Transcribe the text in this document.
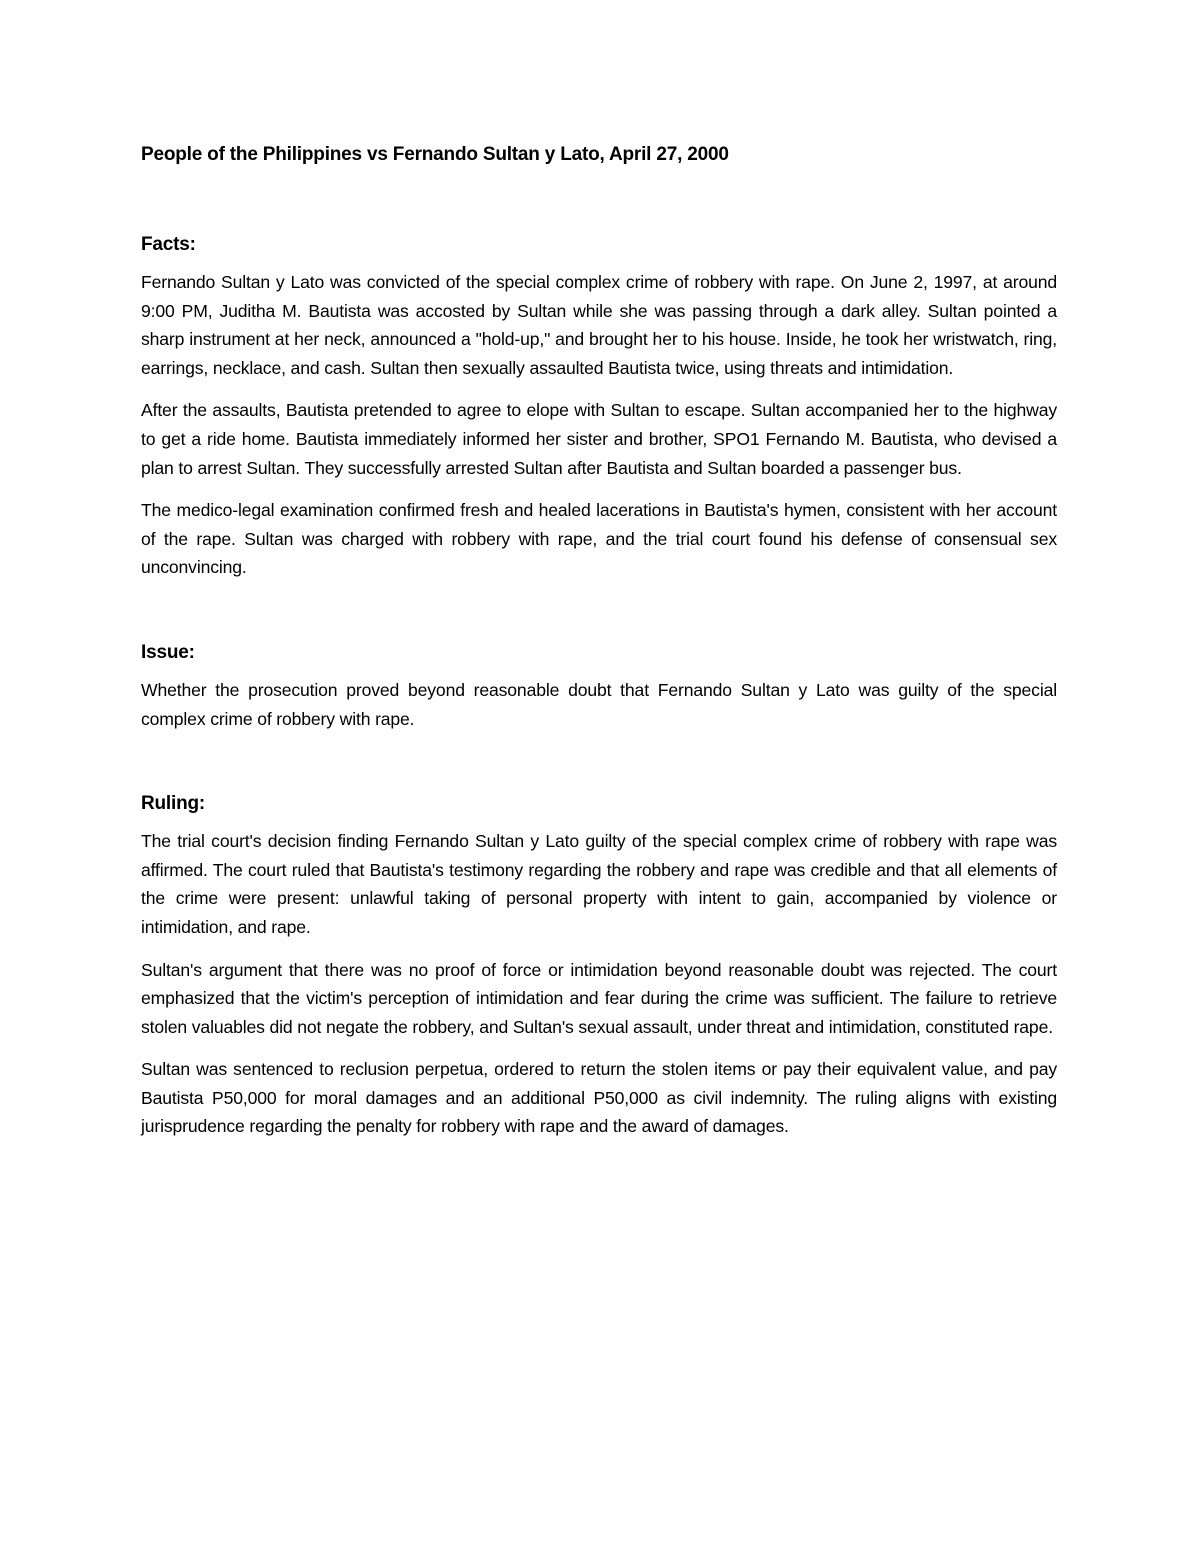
People of the Philippines vs Fernando Sultan y Lato, April 27, 2000
Facts:

Fernando Sultan y Lato was convicted of the special complex crime of robbery with rape. On June 2, 1997, at around 9:00 PM, Juditha M. Bautista was accosted by Sultan while she was passing through a dark alley. Sultan pointed a sharp instrument at her neck, announced a "hold-up," and brought her to his house. Inside, he took her wristwatch, ring, earrings, necklace, and cash. Sultan then sexually assaulted Bautista twice, using threats and intimidation.

After the assaults, Bautista pretended to agree to elope with Sultan to escape. Sultan accompanied her to the highway to get a ride home. Bautista immediately informed her sister and brother, SPO1 Fernando M. Bautista, who devised a plan to arrest Sultan. They successfully arrested Sultan after Bautista and Sultan boarded a passenger bus.

The medico-legal examination confirmed fresh and healed lacerations in Bautista's hymen, consistent with her account of the rape. Sultan was charged with robbery with rape, and the trial court found his defense of consensual sex unconvincing.

Issue:

Whether the prosecution proved beyond reasonable doubt that Fernando Sultan y Lato was guilty of the special complex crime of robbery with rape.

Ruling:

The trial court's decision finding Fernando Sultan y Lato guilty of the special complex crime of robbery with rape was affirmed. The court ruled that Bautista's testimony regarding the robbery and rape was credible and that all elements of the crime were present: unlawful taking of personal property with intent to gain, accompanied by violence or intimidation, and rape.

Sultan's argument that there was no proof of force or intimidation beyond reasonable doubt was rejected. The court emphasized that the victim's perception of intimidation and fear during the crime was sufficient. The failure to retrieve stolen valuables did not negate the robbery, and Sultan's sexual assault, under threat and intimidation, constituted rape.

Sultan was sentenced to reclusion perpetua, ordered to return the stolen items or pay their equivalent value, and pay Bautista P50,000 for moral damages and an additional P50,000 as civil indemnity. The ruling aligns with existing jurisprudence regarding the penalty for robbery with rape and the award of damages.
